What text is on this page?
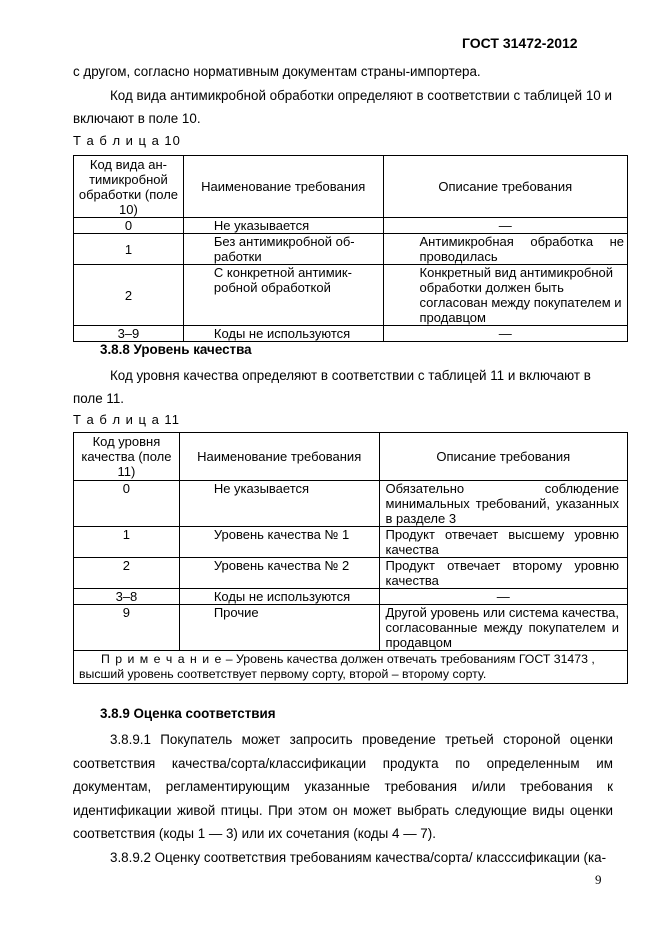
ГОСТ 31472-2012
с другом, согласно нормативным документам страны-импортера.
Код вида антимикробной обработки определяют в соответствии с таблицей 10 и
включают в поле 10.
Т а б л и ц а 10
Код вида ан-тимикробной обработки (поле 10)	Наименование требования	Описание требования
0	Не указывается	—
1	Без антимикробной об-работки	Антимикробная обработка не проводилась
2	С конкретной антимик-робной обработкой	Конкретный вид антимикробной обработки должен быть согласован между покупателем и продавцом
3–9	Коды не используются	—
3.8.8 Уровень качества
Код уровня качества определяют в соответствии с таблицей 11 и включают в
поле 11.
Т а б л и ц а 11
Код уровня качества (поле 11)	Наименование требования	Описание требования
0	Не указывается	Обязательно соблюдение минимальных требований, указанных в разделе 3
1	Уровень качества № 1	Продукт отвечает высшему уровню качества
2	Уровень качества № 2	Продукт отвечает второму уровню качества
3–8	Коды не используются	—
9	Прочие	Другой уровень или система качества, согласованные между покупателем и продавцом
П р и м е ч а н и е – Уровень качества должен отвечать требованиям ГОСТ 31473 , высший уровень соответствует первому сорту, второй – второму сорту.		
3.8.9 Оценка соответствия
3.8.9.1 Покупатель может запросить проведение третьей стороной оценки соответствия качества/сорта/классификации продукта по определенным им документам, регламентирующим указанные требования и/или требования к идентификации живой птицы. При этом он может выбрать следующие виды оценки соответствия (коды 1 — 3) или их сочетания (коды 4 — 7).
3.8.9.2 Оценку соответствия требованиям качества/сорта/ класссификации (ка-
9
